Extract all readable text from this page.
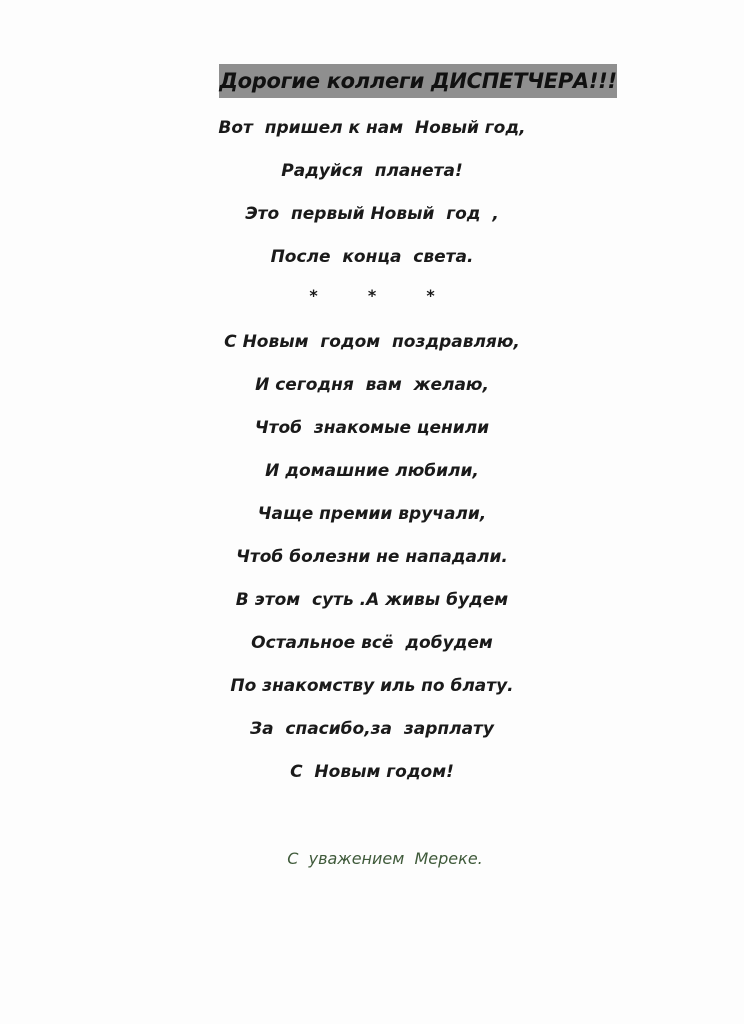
Дорогие коллеги ДИСПЕТЧЕРА!!!
Вот  пришел к нам  Новый год,
Радуйся  планета!
Это  первый Новый  год  ,
После  конца  света.
*         *         *
С Новым  годом  поздравляю,
И сегодня  вам  желаю,
Чтоб  знакомые ценили
И домашние любили,
Чаще премии вручали,
Чтоб болезни не нападали.
В этом  суть .А живы будем
Остальное всё  добудем
По знакомству иль по блату.
За  спасибо,за  зарплату
С  Новым годом!
С  уважением  Мереке.
